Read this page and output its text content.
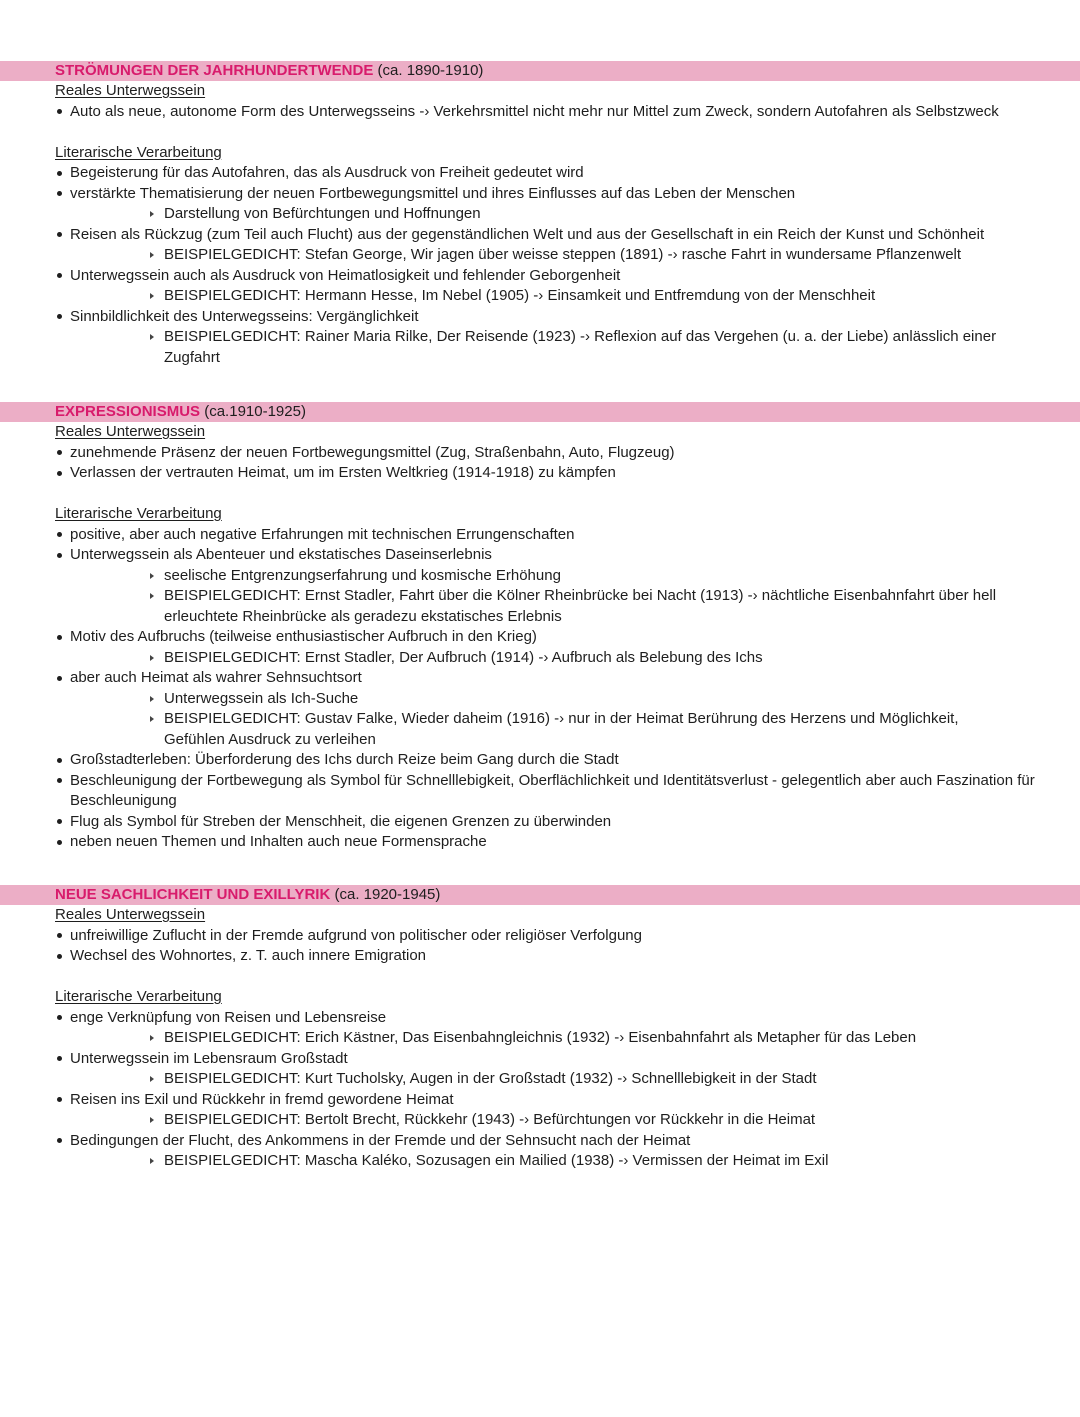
STRÖMUNGEN DER JAHRHUNDERTWENDE (ca. 1890-1910)
Reales Unterwegssein
Auto als neue, autonome Form des Unterwegsseins -› Verkehrsmittel nicht mehr nur Mittel zum Zweck, sondern Autofahren als Selbstzweck
Literarische Verarbeitung
Begeisterung für das Autofahren, das als Ausdruck von Freiheit gedeutet wird
verstärkte Thematisierung der neuen Fortbewegungsmittel und ihres Einflusses auf das Leben der Menschen
Darstellung von Befürchtungen und Hoffnungen
Reisen als Rückzug (zum Teil auch Flucht) aus der gegenständlichen Welt und aus der Gesellschaft in ein Reich der Kunst und Schönheit
BEISPIELGEDICHT: Stefan George, Wir jagen über weisse steppen (1891) -› rasche Fahrt in wundersame Pflanzenwelt
Unterwegssein auch als Ausdruck von Heimatlosigkeit und fehlender Geborgenheit
BEISPIELGEDICHT: Hermann Hesse, Im Nebel (1905) -› Einsamkeit und Entfremdung von der Menschheit
Sinnbildlichkeit des Unterwegsseins: Vergänglichkeit
BEISPIELGEDICHT: Rainer Maria Rilke, Der Reisende (1923) -› Reflexion auf das Vergehen (u. a. der Liebe) anlässlich einer Zugfahrt
EXPRESSIONISMUS (ca.1910-1925)
Reales Unterwegssein
zunehmende Präsenz der neuen Fortbewegungsmittel (Zug, Straßenbahn, Auto, Flugzeug)
Verlassen der vertrauten Heimat, um im Ersten Weltkrieg (1914-1918) zu kämpfen
Literarische Verarbeitung
positive, aber auch negative Erfahrungen mit technischen Errungenschaften
Unterwegssein als Abenteuer und ekstatisches Daseinserlebnis
seelische Entgrenzungserfahrung und kosmische Erhöhung
BEISPIELGEDICHT: Ernst Stadler, Fahrt über die Kölner Rheinbrücke bei Nacht (1913) -› nächtliche Eisenbahnfahrt über hell erleuchtete Rheinbrücke als geradezu ekstatisches Erlebnis
Motiv des Aufbruchs (teilweise enthusiastischer Aufbruch in den Krieg)
BEISPIELGEDICHT: Ernst Stadler, Der Aufbruch (1914) -› Aufbruch als Belebung des Ichs
aber auch Heimat als wahrer Sehnsuchtsort
Unterwegssein als Ich-Suche
BEISPIELGEDICHT: Gustav Falke, Wieder daheim (1916) -› nur in der Heimat Berührung des Herzens und Möglichkeit, Gefühlen Ausdruck zu verleihen
Großstadterleben: Überforderung des Ichs durch Reize beim Gang durch die Stadt
Beschleunigung der Fortbewegung als Symbol für Schnelllebigkeit, Oberflächlichkeit und Identitätsverlust - gelegentlich aber auch Faszination für Beschleunigung
Flug als Symbol für Streben der Menschheit, die eigenen Grenzen zu überwinden
neben neuen Themen und Inhalten auch neue Formensprache
NEUE SACHLICHKEIT UND EXILLYRIK (ca. 1920-1945)
Reales Unterwegssein
unfreiwillige Zuflucht in der Fremde aufgrund von politischer oder religiöser Verfolgung
Wechsel des Wohnortes, z. T. auch innere Emigration
Literarische Verarbeitung
enge Verknüpfung von Reisen und Lebensreise
BEISPIELGEDICHT: Erich Kästner, Das Eisenbahngleichnis (1932) -› Eisenbahnfahrt als Metapher für das Leben
Unterwegssein im Lebensraum Großstadt
BEISPIELGEDICHT: Kurt Tucholsky, Augen in der Großstadt (1932) -› Schnelllebigkeit in der Stadt
Reisen ins Exil und Rückkehr in fremd gewordene Heimat
BEISPIELGEDICHT: Bertolt Brecht, Rückkehr (1943) -› Befürchtungen vor Rückkehr in die Heimat
Bedingungen der Flucht, des Ankommens in der Fremde und der Sehnsucht nach der Heimat
BEISPIELGEDICHT: Mascha Kaléko, Sozusagen ein Mailied (1938) -› Vermissen der Heimat im Exil
